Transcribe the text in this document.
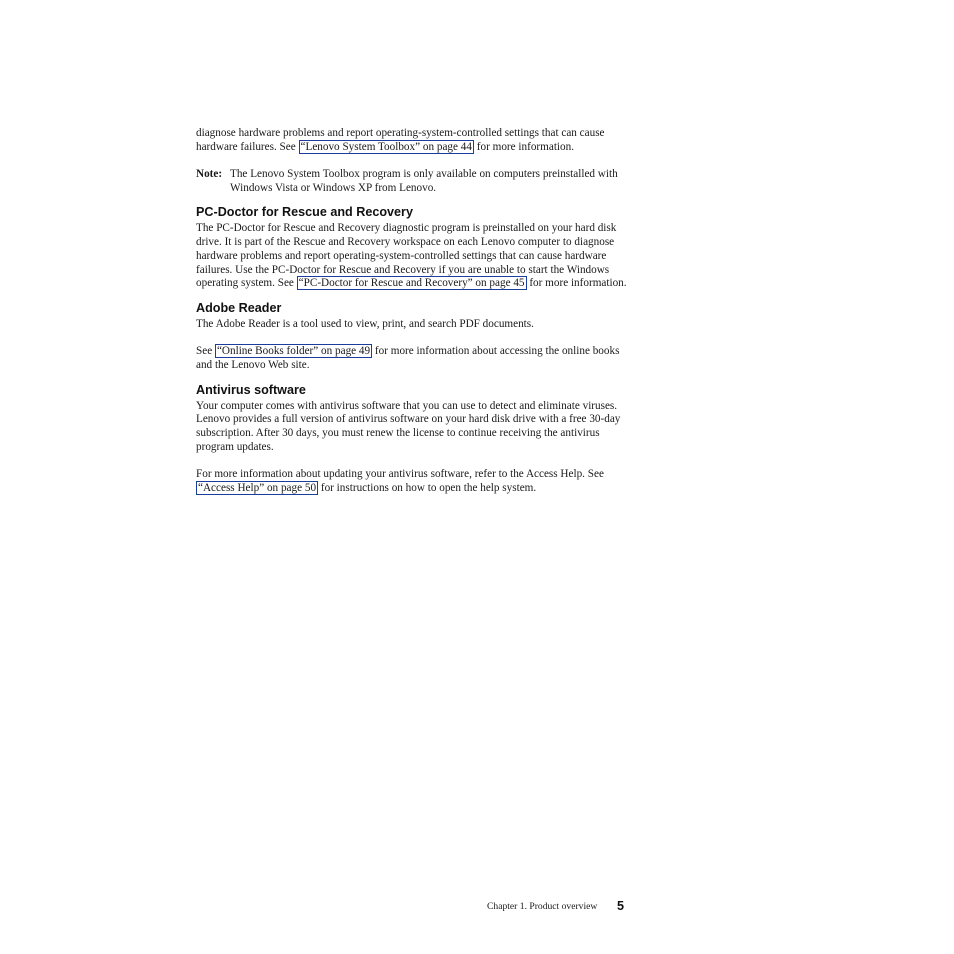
diagnose hardware problems and report operating-system-controlled settings that can cause hardware failures. See “Lenovo System Toolbox” on page 44 for more information.

Note: The Lenovo System Toolbox program is only available on computers preinstalled with Windows Vista or Windows XP from Lenovo.

PC-Doctor for Rescue and Recovery

The PC-Doctor for Rescue and Recovery diagnostic program is preinstalled on your hard disk drive. It is part of the Rescue and Recovery workspace on each Lenovo computer to diagnose hardware problems and report operating-system-controlled settings that can cause hardware failures. Use the PC-Doctor for Rescue and Recovery if you are unable to start the Windows operating system. See “PC-Doctor for Rescue and Recovery” on page 45 for more information.

Adobe Reader

The Adobe Reader is a tool used to view, print, and search PDF documents.

See “Online Books folder” on page 49 for more information about accessing the online books and the Lenovo Web site.

Antivirus software

Your computer comes with antivirus software that you can use to detect and eliminate viruses. Lenovo provides a full version of antivirus software on your hard disk drive with a free 30-day subscription. After 30 days, you must renew the license to continue receiving the antivirus program updates.

For more information about updating your antivirus software, refer to the Access Help. See “Access Help” on page 50 for instructions on how to open the help system.

Chapter 1. Product overview 5
